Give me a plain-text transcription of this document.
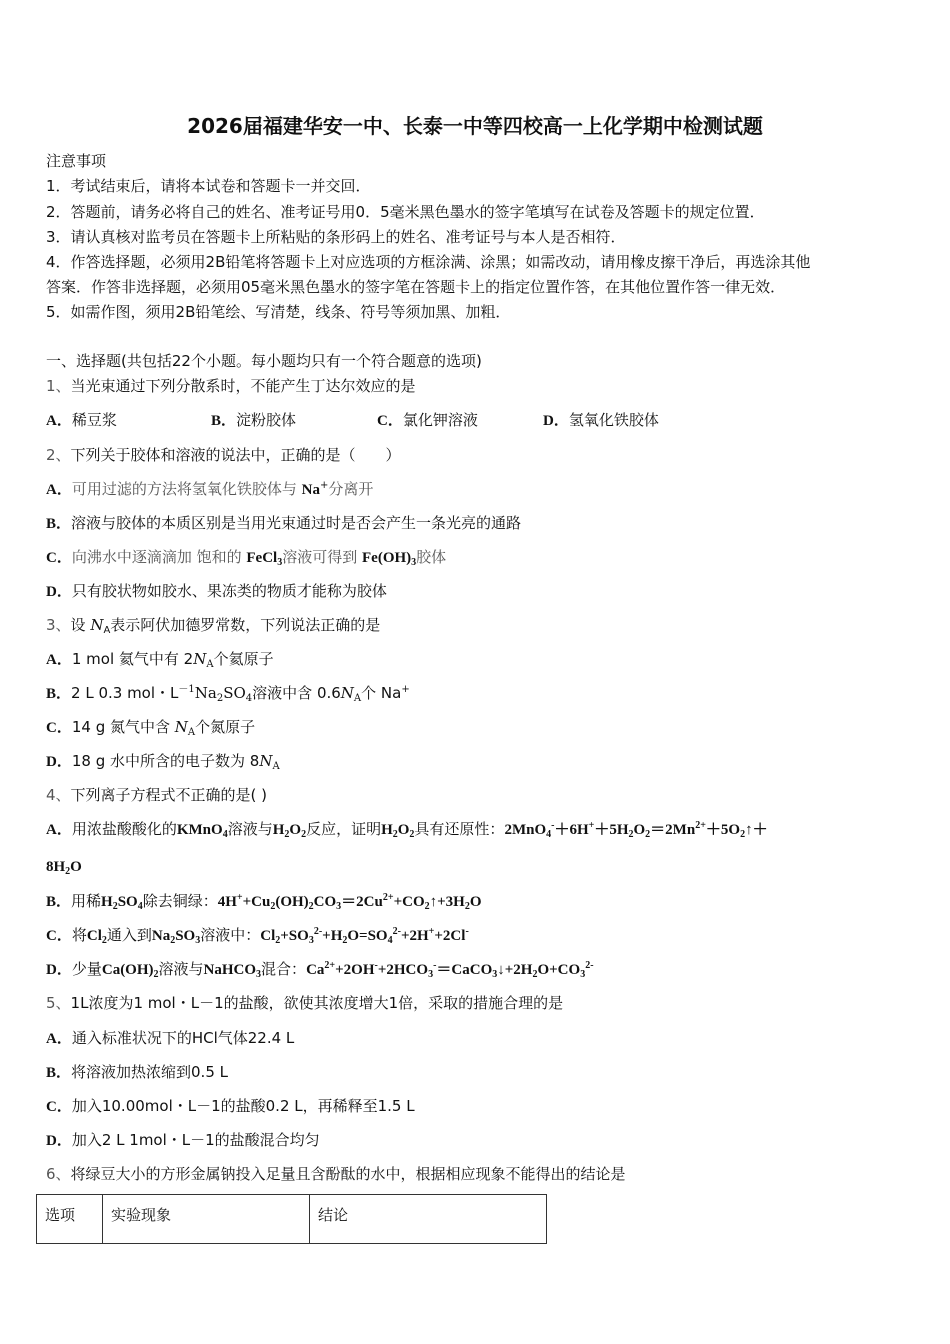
2026届福建华安一中、长泰一中等四校高一上化学期中检测试题
注意事项
1．考试结束后，请将本试卷和答题卡一并交回．
2．答题前，请务必将自己的姓名、准考证号用0．5毫米黑色墨水的签字笔填写在试卷及答题卡的规定位置．
3．请认真核对监考员在答题卡上所粘贴的条形码上的姓名、准考证号与本人是否相符．
4．作答选择题，必须用2B铅笔将答题卡上对应选项的方框涂满、涂黑；如需改动，请用橡皮擦干净后，再选涂其他
答案．作答非选择题，必须用05毫米黑色墨水的签字笔在答题卡上的指定位置作答，在其他位置作答一律无效．
5．如需作图，须用2B铅笔绘、写清楚，线条、符号等须加黑、加粗．
一、选择题(共包括22个小题。每小题均只有一个符合题意的选项)
1、当光束通过下列分散系时，不能产生丁达尔效应的是
A．稀豆浆	B．淀粉胶体	C．氯化钾溶液	D．氢氧化铁胶体
2、下列关于胶体和溶液的说法中，正确的是（　　）
A．可用过滤的方法将氢氧化铁胶体与 Na+分离开
B．溶液与胶体的本质区别是当用光束通过时是否会产生一条光亮的通路
C．向沸水中逐滴滴加 饱和的 FeCl$_3$溶液可得到 $Fe(OH)_3$胶体
D．只有胶状物如胶水、果冻类的物质才能称为胶体
3、设 $N_A$表示阿伏加德罗常数，下列说法正确的是
A．1 mol 氦气中有 $2N_A$个氦原子
B．2 L 0.3 mol・$L^{-1}Na_2SO_4$溶液中含 $0.6N_A$个 Na+
C．14 g 氮气中含 $N_A$个氮原子
D．18 g 水中所含的电子数为 $8N_A$
4、下列离子方程式不正确的是( )
A．用浓盐酸酸化的KMnO$_4$溶液与$H_2O_2$反应，证明$H_2O_2$具有还原性：$2MnO_4^-+6H^++5H_2O_2=2Mn^{2+}+5O_2↑+$
$8H_2O$
B．用稀$H_2SO_4$除去铜绿：$4H^++Cu_2(OH)_2CO_3=2Cu^{2+}+CO_2↑+3H_2O$
C．将$Cl_2$通入到$Na_2SO_3$溶液中：$Cl_2+SO_3^{2-}+H_2O=SO_4^{2-}+2H^++2Cl^-$
D．少量$Ca(OH)_2$溶液与NaHCO$_3$混合：$Ca^{2+}+2OH^-+2HCO_3^-=CaCO_3↓+2H_2O+CO_3^{2-}$
5、1L浓度为1 mol・L－1的盐酸，欲使其浓度增大1倍，采取的措施合理的是
A．通入标准状况下的HCl气体22.4 L
B．将溶液加热浓缩到0.5 L
C．加入10.00mol・L－1的盐酸0.2 L，再稀释至1.5 L
D．加入2 L 1mol・L－1的盐酸混合均匀
6、将绿豆大小的方形金属钠投入足量且含酚酞的水中，根据相应现象不能得出的结论是
选项	实验现象	结论
